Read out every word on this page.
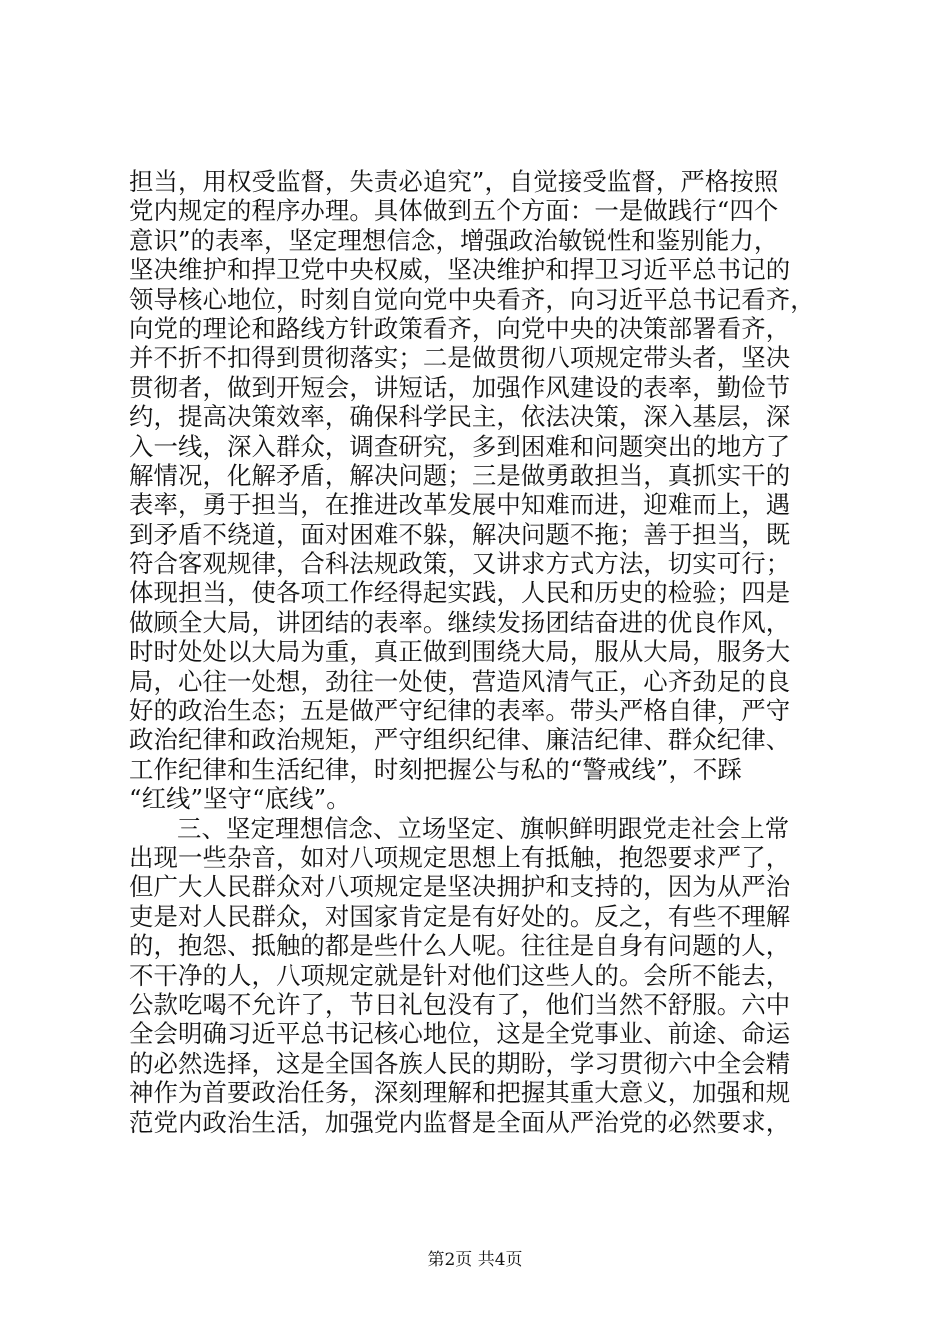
担当，用权受监督，失责必追究”，自觉接受监督，严格按照
党内规定的程序办理。具体做到五个方面：一是做践行“四个
意识”的表率，坚定理想信念，增强政治敏锐性和鉴别能力，
坚决维护和捍卫党中央权威，坚决维护和捍卫习近平总书记的
领导核心地位，时刻自觉向党中央看齐，向习近平总书记看齐，
向党的理论和路线方针政策看齐，向党中央的决策部署看齐，
并不折不扣得到贯彻落实；二是做贯彻八项规定带头者，坚决
贯彻者，做到开短会，讲短话，加强作风建设的表率，勤俭节
约，提高决策效率，确保科学民主，依法决策，深入基层，深
入一线，深入群众，调查研究，多到困难和问题突出的地方了
解情况，化解矛盾，解决问题；三是做勇敢担当，真抓实干的
表率，勇于担当，在推进改革发展中知难而进，迎难而上，遇
到矛盾不绕道，面对困难不躲，解决问题不拖；善于担当，既
符合客观规律，合科法规政策，又讲求方式方法，切实可行；
体现担当，使各项工作经得起实践，人民和历史的检验；四是
做顾全大局，讲团结的表率。继续发扬团结奋进的优良作风，
时时处处以大局为重，真正做到围绕大局，服从大局，服务大
局，心往一处想，劲往一处使，营造风清气正，心齐劲足的良
好的政治生态；五是做严守纪律的表率。带头严格自律，严守
政治纪律和政治规矩，严守组织纪律、廉洁纪律、群众纪律、
工作纪律和生活纪律，时刻把握公与私的“警戒线”，不踩
“红线”坚守“底线”。
三、坚定理想信念、立场坚定、旗帜鲜明跟党走社会上常
出现一些杂音，如对八项规定思想上有抵触，抱怨要求严了，
但广大人民群众对八项规定是坚决拥护和支持的，因为从严治
吏是对人民群众，对国家肯定是有好处的。反之，有些不理解
的，抱怨、抵触的都是些什么人呢。往往是自身有问题的人，
不干净的人，八项规定就是针对他们这些人的。会所不能去，
公款吃喝不允许了，节日礼包没有了，他们当然不舒服。六中
全会明确习近平总书记核心地位，这是全党事业、前途、命运
的必然选择，这是全国各族人民的期盼，学习贯彻六中全会精
神作为首要政治任务，深刻理解和把握其重大意义，加强和规
范党内政治生活，加强党内监督是全面从严治党的必然要求，
第2页 共4页
